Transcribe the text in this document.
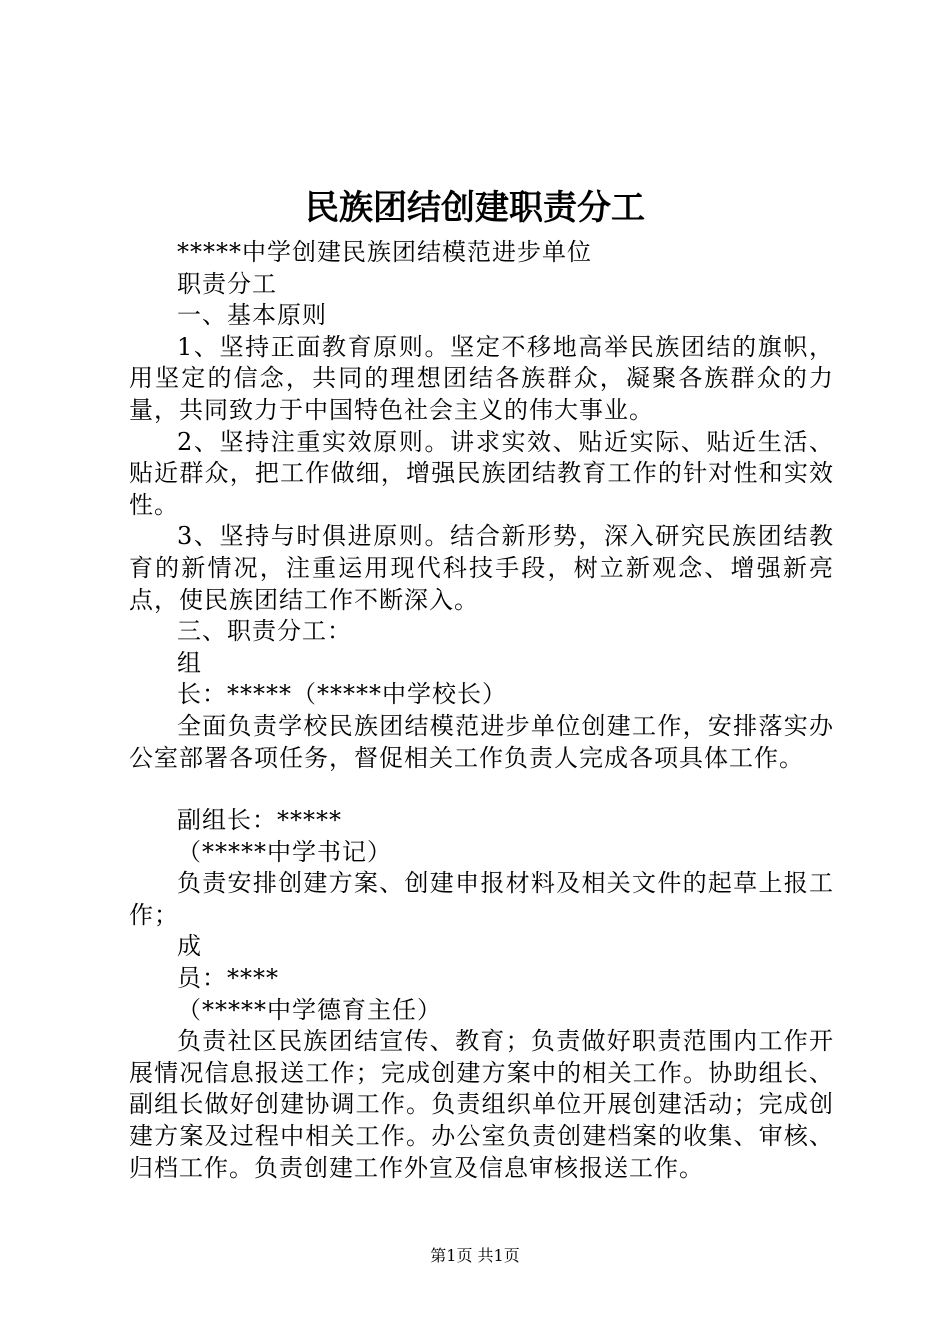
民族团结创建职责分工

*****中学创建民族团结模范进步单位

职责分工

一、基本原则

1、坚持正面教育原则。坚定不移地高举民族团结的旗帜，用坚定的信念，共同的理想团结各族群众，凝聚各族群众的力量，共同致力于中国特色社会主义的伟大事业。

2、坚持注重实效原则。讲求实效、贴近实际、贴近生活、贴近群众，把工作做细，增强民族团结教育工作的针对性和实效性。

3、坚持与时俱进原则。结合新形势，深入研究民族团结教育的新情况，注重运用现代科技手段，树立新观念、增强新亮点，使民族团结工作不断深入。

三、职责分工：

组

长：*****（*****中学校长）

全面负责学校民族团结模范进步单位创建工作，安排落实办公室部署各项任务，督促相关工作负责人完成各项具体工作。

副组长：*****

（*****中学书记）

负责安排创建方案、创建申报材料及相关文件的起草上报工作；

成

员：****

（*****中学德育主任）

负责社区民族团结宣传、教育；负责做好职责范围内工作开展情况信息报送工作；完成创建方案中的相关工作。协助组长、副组长做好创建协调工作。负责组织单位开展创建活动；完成创建方案及过程中相关工作。办公室负责创建档案的收集、审核、归档工作。负责创建工作外宣及信息审核报送工作。

第1页 共1页
